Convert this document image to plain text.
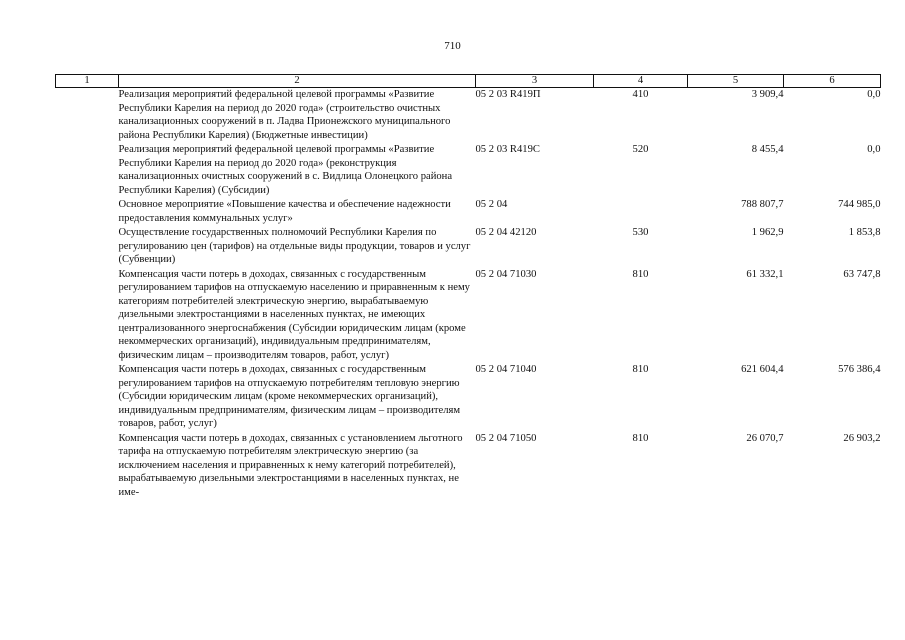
710
1	2	3	4	5	6
	Реализация мероприятий федеральной целевой программы «Развитие Республики Карелия на период до 2020 года» (строительство очистных канализационных сооружений в п. Ладва Прионежского муниципального района Республики Карелия) (Бюджетные инвестиции)	05 2 03 R419П	410	3 909,4	0,0
	Реализация мероприятий федеральной целевой программы «Развитие Республики Карелия на период до 2020 года» (реконструкция канализационных очистных сооружений в с. Видлица Олонецкого района Республики Карелия) (Субсидии)	05 2 03 R419С	520	8 455,4	0,0
	Основное мероприятие «Повышение качества и обеспечение надежности предоставления коммунальных услуг»	05 2 04		788 807,7	744 985,0
	Осуществление государственных полномочий Республики Карелия по регулированию цен (тарифов) на отдельные виды продукции, товаров и услуг (Субвенции)	05 2 04 42120	530	1 962,9	1 853,8
	Компенсация части потерь в доходах, связанных с государственным регулированием тарифов на отпускаемую населению и приравненным к нему категориям потребителей электрическую энергию, вырабатываемую дизельными электростанциями в населенных пунктах, не имеющих централизованного энергоснабжения (Субсидии юридическим лицам (кроме некоммерческих организаций), индивидуальным предпринимателям, физическим лицам – производителям товаров, работ, услуг)	05 2 04 71030	810	61 332,1	63 747,8
	Компенсация части потерь в доходах, связанных с государственным регулированием тарифов на отпускаемую потребителям тепловую энергию (Субсидии юридическим лицам (кроме некоммерческих организаций), индивидуальным предпринимателям, физическим лицам – производителям товаров, работ, услуг)	05 2 04 71040	810	621 604,4	576 386,4
	Компенсация части потерь в доходах, связанных с установлением льготного тарифа на отпускаемую потребителям электрическую энергию (за исключением населения и приравненных к нему категорий потребителей), вырабатываемую дизельными электростанциями в населенных пунктах, не име-	05 2 04 71050	810	26 070,7	26 903,2
